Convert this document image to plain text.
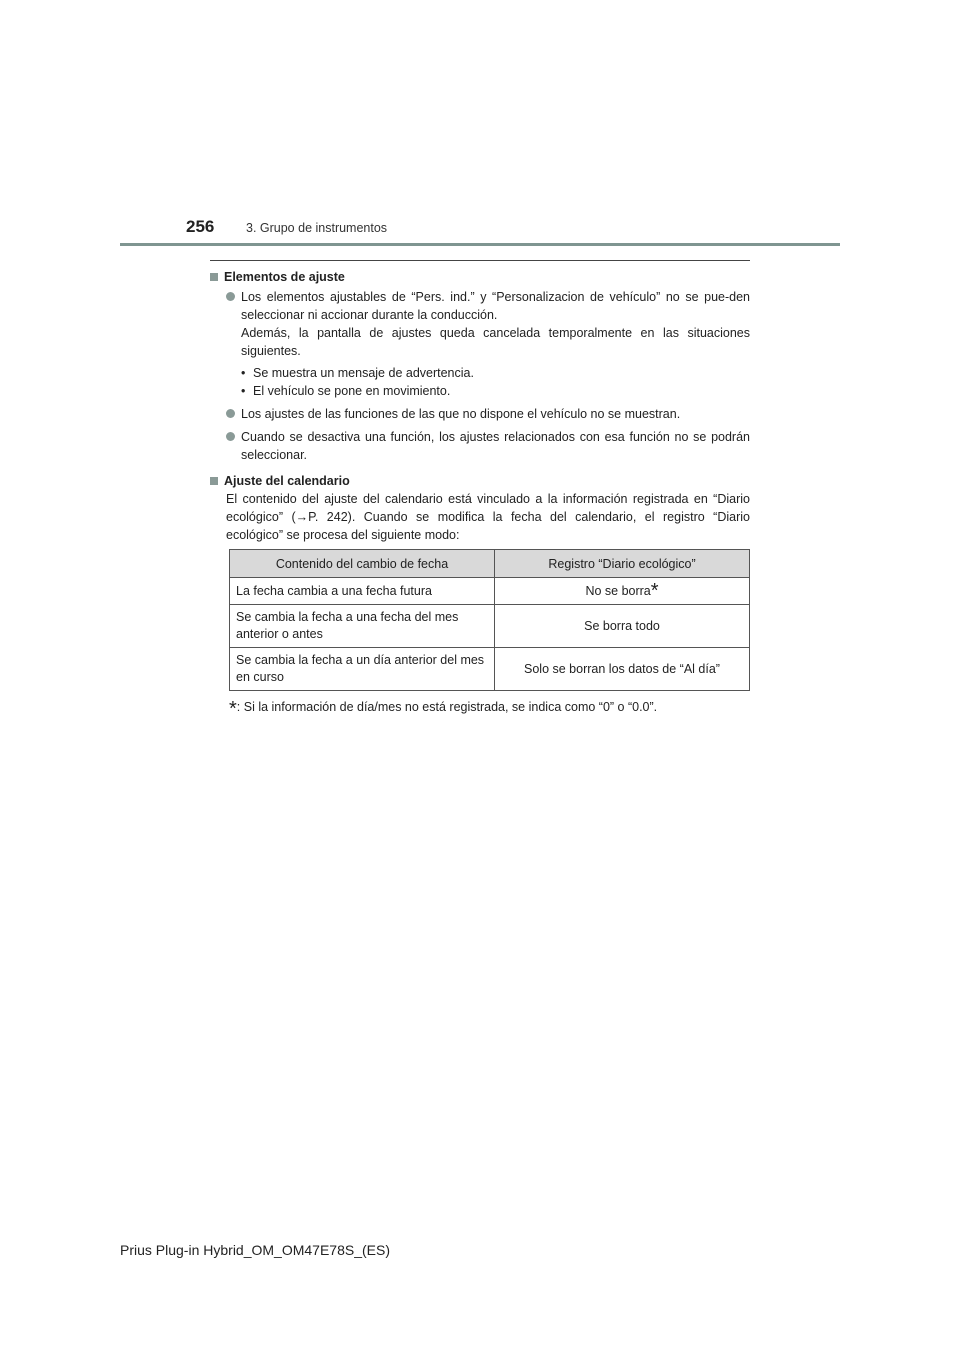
256	3. Grupo de instrumentos
Elementos de ajuste
Los elementos ajustables de “Pers. ind.” y “Personalizacion de vehículo” no se pue-den seleccionar ni accionar durante la conducción.
Además, la pantalla de ajustes queda cancelada temporalmente en las situaciones siguientes.
• Se muestra un mensaje de advertencia.
• El vehículo se pone en movimiento.
Los ajustes de las funciones de las que no dispone el vehículo no se muestran.
Cuando se desactiva una función, los ajustes relacionados con esa función no se podrán seleccionar.
Ajuste del calendario
El contenido del ajuste del calendario está vinculado a la información registrada en “Diario ecológico” (→P. 242). Cuando se modifica la fecha del calendario, el registro “Diario ecológico” se procesa del siguiente modo:
Contenido del cambio de fecha	Registro “Diario ecológico”
La fecha cambia a una fecha futura	No se borra*
Se cambia la fecha a una fecha del mes anterior o antes	Se borra todo
Se cambia la fecha a un día anterior del mes en curso	Solo se borran los datos de “Al día”
*: Si la información de día/mes no está registrada, se indica como “0” o “0.0”.
Prius Plug-in Hybrid_OM_OM47E78S_(ES)
